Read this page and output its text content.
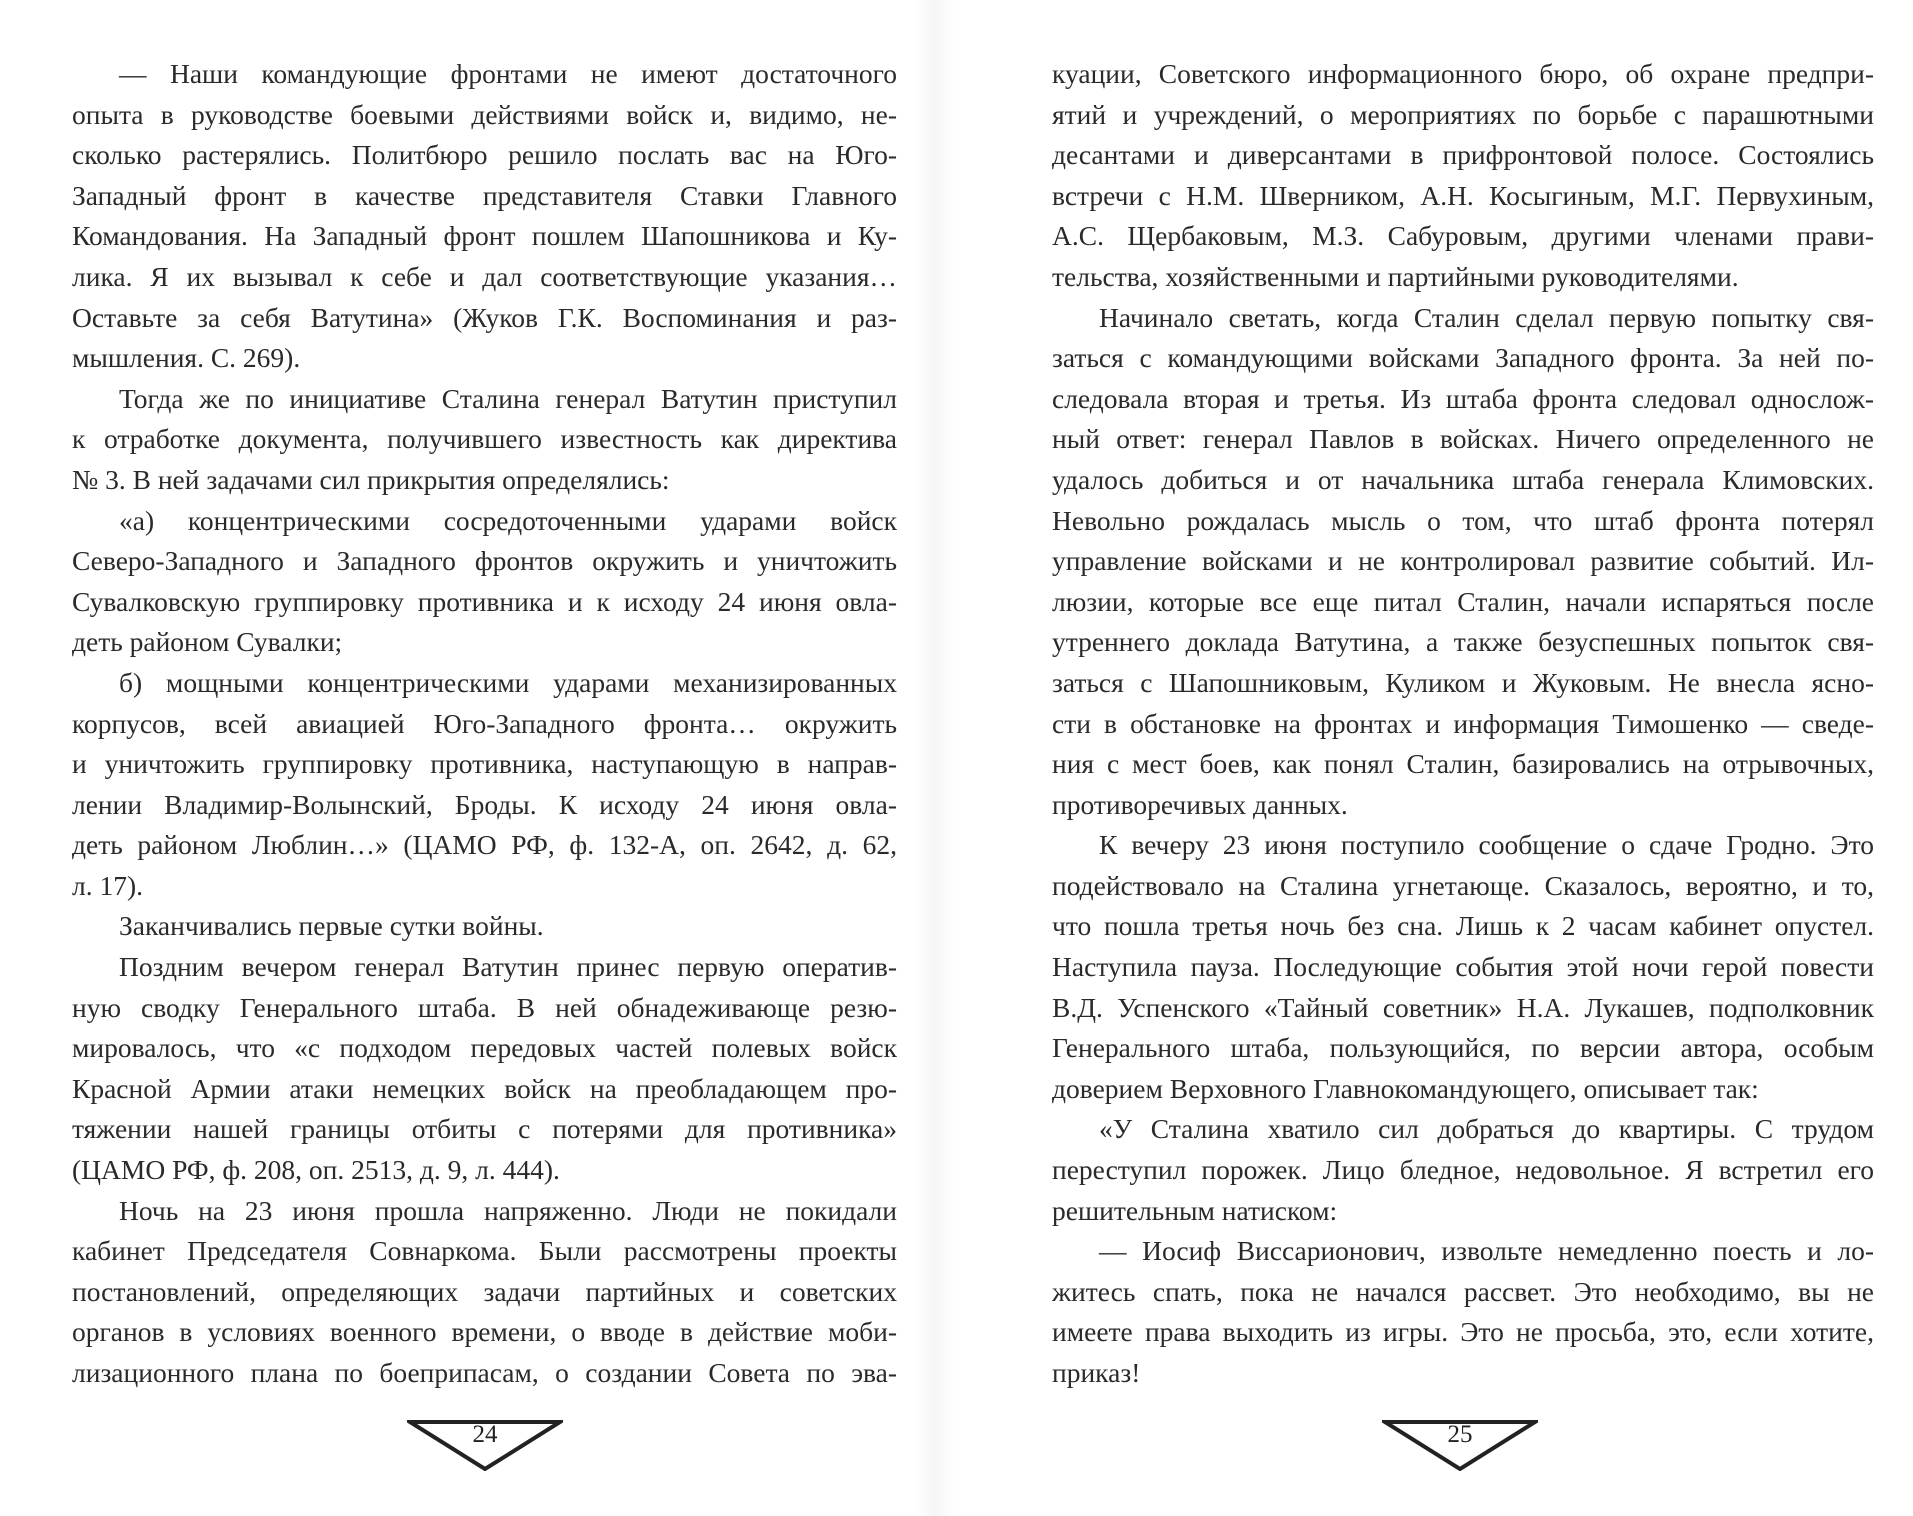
— Наши командующие фронтами не имеют достаточного
опыта в руководстве боевыми действиями войск и, видимо, не-
сколько растерялись. Политбюро решило послать вас на Юго-
Западный фронт в качестве представителя Ставки Главного
Командования. На Западный фронт пошлем Шапошникова и Ку-
лика. Я их вызывал к себе и дал соответствующие указания…
Оставьте за себя Ватутина» (Жуков Г.К. Воспоминания и раз-
мышления. С. 269).
Тогда же по инициативе Сталина генерал Ватутин приступил
к отработке документа, получившего известность как директива
№ 3. В ней задачами сил прикрытия определялись:
«а) концентрическими сосредоточенными ударами войск
Северо-Западного и Западного фронтов окружить и уничтожить
Сувалковскую группировку противника и к исходу 24 июня овла-
деть районом Сувалки;
б) мощными концентрическими ударами механизированных
корпусов, всей авиацией Юго-Западного фронта… окружить
и уничтожить группировку противника, наступающую в направ-
лении Владимир-Волынский, Броды. К исходу 24 июня овла-
деть районом Люблин…» (ЦАМО РФ, ф. 132-А, оп. 2642, д. 62,
л. 17).
Заканчивались первые сутки войны.
Поздним вечером генерал Ватутин принес первую оператив-
ную сводку Генерального штаба. В ней обнадеживающе резю-
мировалось, что «с подходом передовых частей полевых войск
Красной Армии атаки немецких войск на преобладающем про-
тяжении нашей границы отбиты с потерями для противника»
(ЦАМО РФ, ф. 208, оп. 2513, д. 9, л. 444).
Ночь на 23 июня прошла напряженно. Люди не покидали
кабинет Председателя Совнаркома. Были рассмотрены проекты
постановлений, определяющих задачи партийных и советских
органов в условиях военного времени, о вводе в действие моби-
лизационного плана по боеприпасам, о создании Совета по эва-
куации, Советского информационного бюро, об охране предпри-
ятий и учреждений, о мероприятиях по борьбе с парашютными
десантами и диверсантами в прифронтовой полосе. Состоялись
встречи с Н.М. Шверником, А.Н. Косыгиным, М.Г. Первухиным,
А.С. Щербаковым, М.З. Сабуровым, другими членами прави-
тельства, хозяйственными и партийными руководителями.
Начинало светать, когда Сталин сделал первую попытку свя-
заться с командующими войсками Западного фронта. За ней по-
следовала вторая и третья. Из штаба фронта следовал однослож-
ный ответ: генерал Павлов в войсках. Ничего определенного не
удалось добиться и от начальника штаба генерала Климовских.
Невольно рождалась мысль о том, что штаб фронта потерял
управление войсками и не контролировал развитие событий. Ил-
люзии, которые все еще питал Сталин, начали испаряться после
утреннего доклада Ватутина, а также безуспешных попыток свя-
заться с Шапошниковым, Куликом и Жуковым. Не внесла ясно-
сти в обстановке на фронтах и информация Тимошенко — сведе-
ния с мест боев, как понял Сталин, базировались на отрывочных,
противоречивых данных.
К вечеру 23 июня поступило сообщение о сдаче Гродно. Это
подействовало на Сталина угнетающе. Сказалось, вероятно, и то,
что пошла третья ночь без сна. Лишь к 2 часам кабинет опустел.
Наступила пауза. Последующие события этой ночи герой повести
В.Д. Успенского «Тайный советник» Н.А. Лукашев, подполковник
Генерального штаба, пользующийся, по версии автора, особым
доверием Верховного Главнокомандующего, описывает так:
«У Сталина хватило сил добраться до квартиры. С трудом
переступил порожек. Лицо бледное, недовольное. Я встретил его
решительным натиском:
— Иосиф Виссарионович, извольте немедленно поесть и ло-
житесь спать, пока не начался рассвет. Это необходимо, вы не
имеете права выходить из игры. Это не просьба, это, если хотите,
приказ!
24	25
